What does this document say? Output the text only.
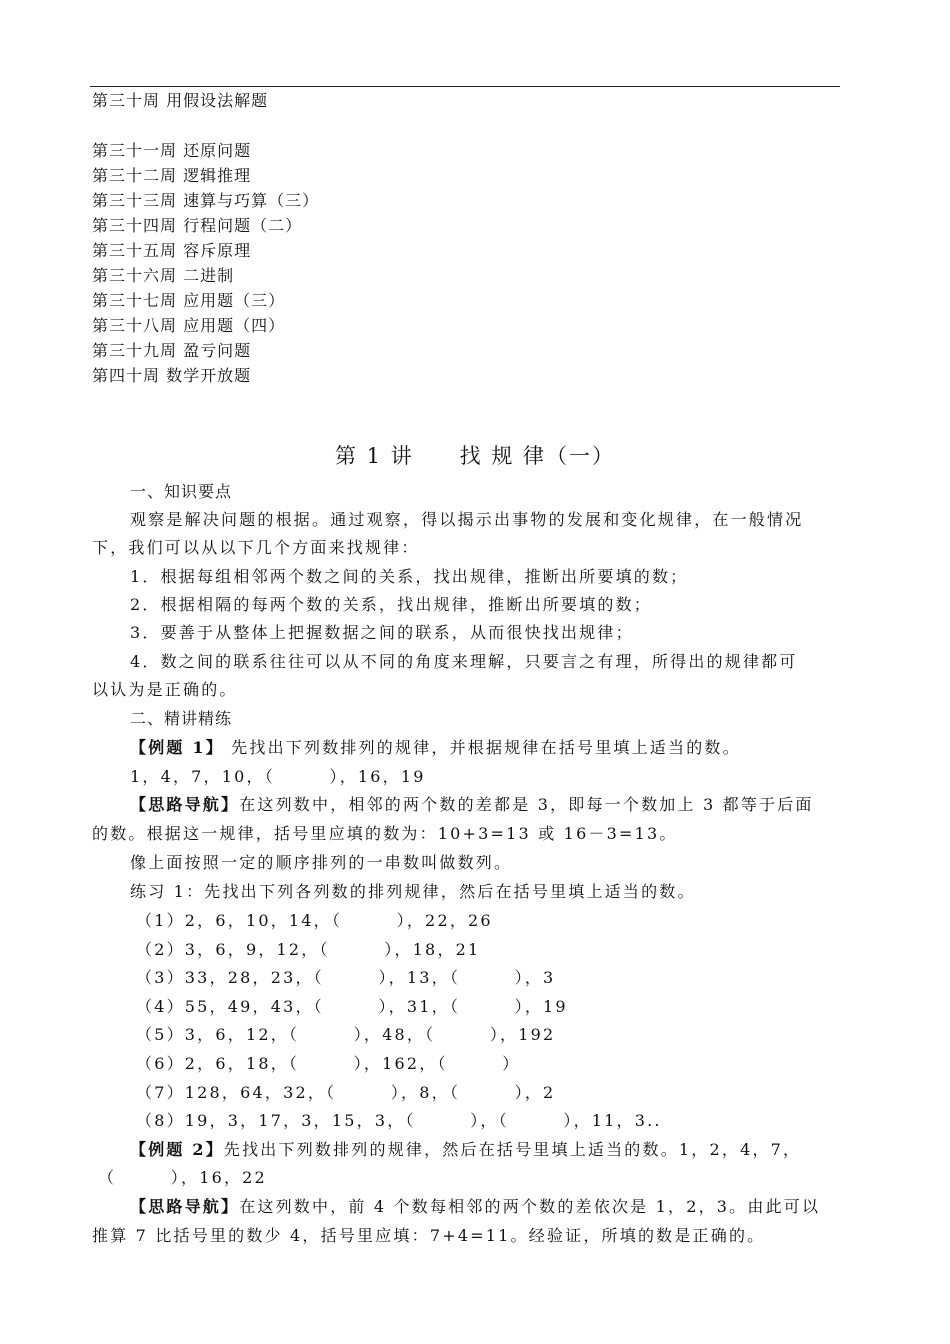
第三十周 用假设法解题
第三十一周 还原问题
第三十二周 逻辑推理
第三十三周 速算与巧算（三）
第三十四周 行程问题（二）
第三十五周 容斥原理
第三十六周 二进制
第三十七周 应用题（三）
第三十八周 应用题（四）
第三十九周 盈亏问题
第四十周 数学开放题
第 1 讲 找 规 律（一）
一、知识要点
观察是解决问题的根据。通过观察，得以揭示出事物的发展和变化规律，在一般情况
下，我们可以从以下几个方面来找规律：
1．根据每组相邻两个数之间的关系，找出规律，推断出所要填的数；
2．根据相隔的每两个数的关系，找出规律，推断出所要填的数；
3．要善于从整体上把握数据之间的联系，从而很快找出规律；
4．数之间的联系往往可以从不同的角度来理解，只要言之有理，所得出的规律都可
以认为是正确的。
二、精讲精练
【例题 1】 先找出下列数排列的规律，并根据规律在括号里填上适当的数。
1，4，7，10，（　　　），16，19
【思路导航】在这列数中，相邻的两个数的差都是 3，即每一个数加上 3 都等于后面
的数。根据这一规律，括号里应填的数为：10+3=13 或 16－3=13。
像上面按照一定的顺序排列的一串数叫做数列。
练习 1：先找出下列各列数的排列规律，然后在括号里填上适当的数。
（1）2，6，10，14，（　　　），22，26
（2）3，6，9，12，（　　　），18，21
（3）33，28，23，（　　　），13，（　　　），3
（4）55，49，43，（　　　），31，（　　　），19
（5）3，6，12，（　　　），48，（　　　），192
（6）2，6，18，（　　　），162，（　　　）
（7）128，64，32，（　　　），8，（　　　），2
（8）19，3，17，3，15，3，（　　　），（　　　），11，3..
【例题 2】先找出下列数排列的规律，然后在括号里填上适当的数。1，2，4，7，
（　　　），16，22
【思路导航】在这列数中，前 4 个数每相邻的两个数的差依次是 1，2，3。由此可以
推算 7 比括号里的数少 4，括号里应填：7+4=11。经验证，所填的数是正确的。
